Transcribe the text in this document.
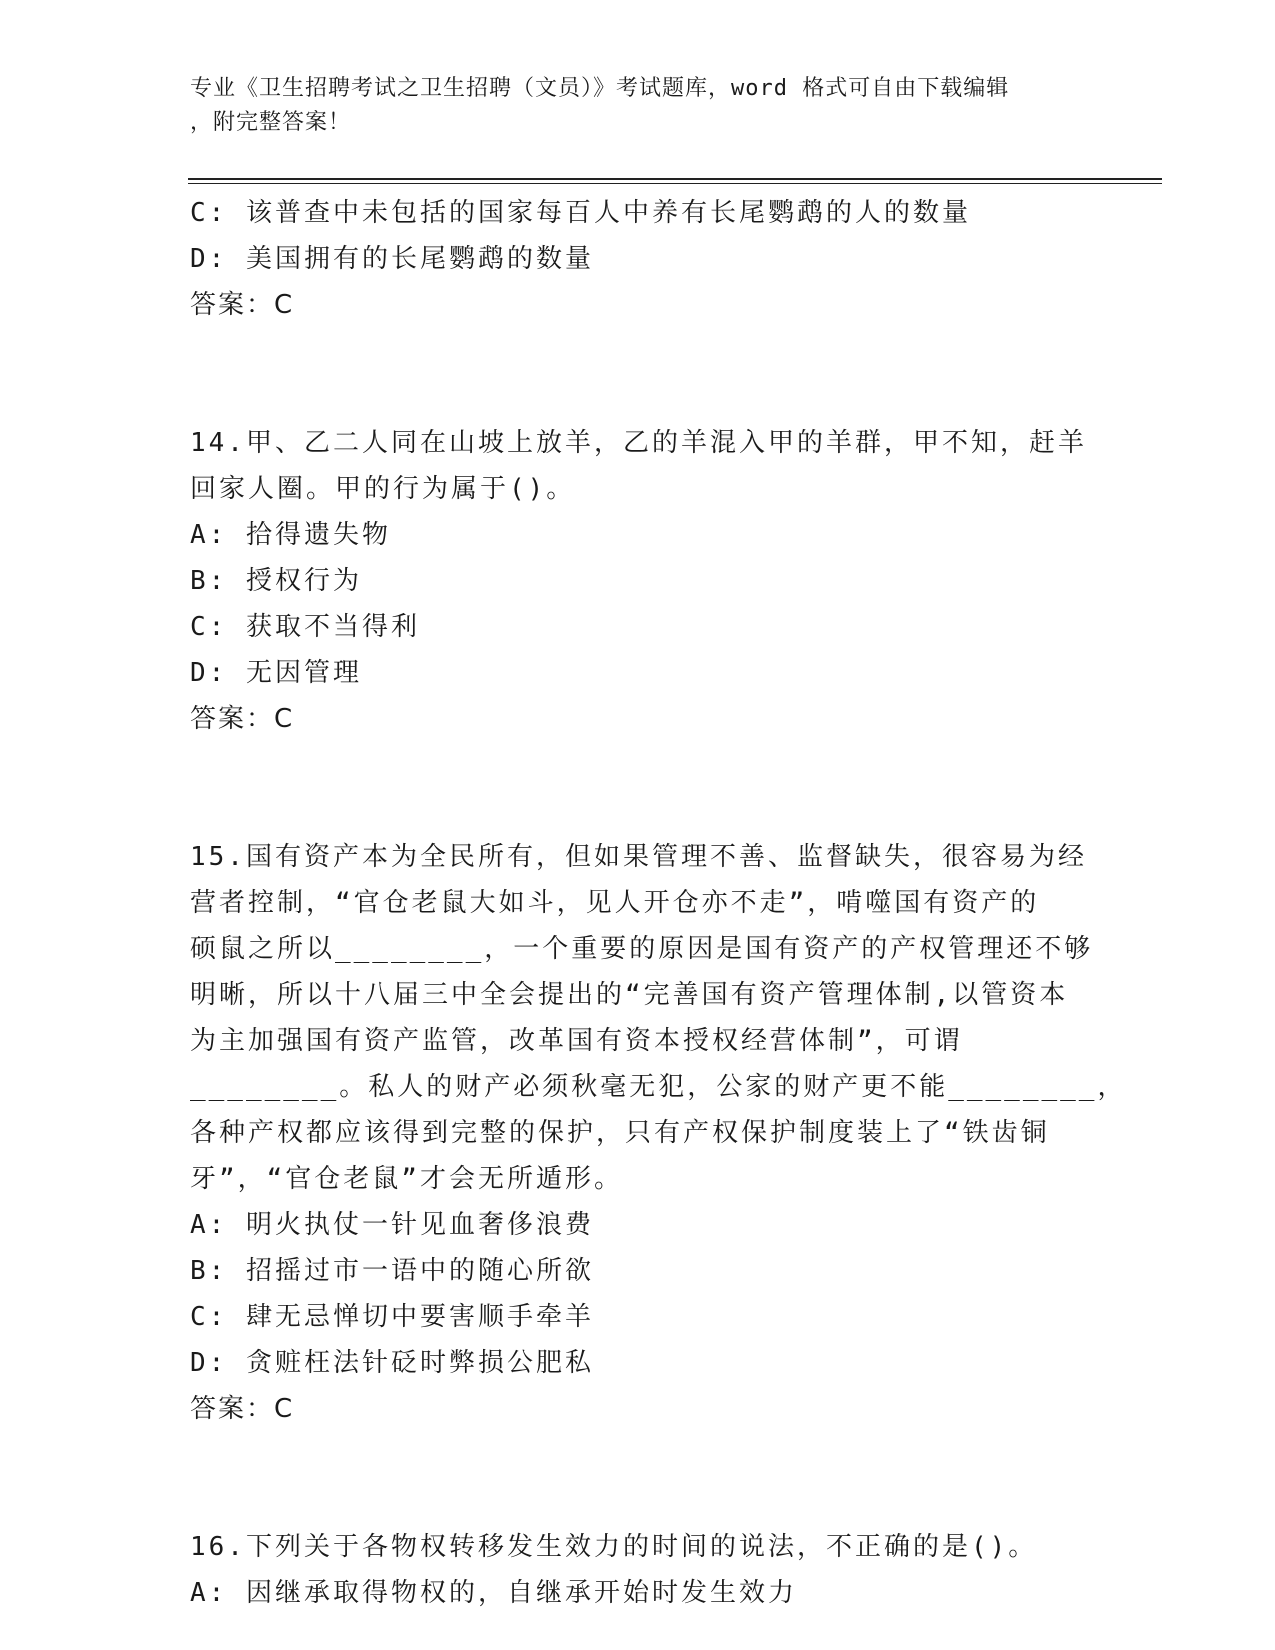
专业《卫生招聘考试之卫生招聘（文员）》考试题库，word 格式可自由下载编辑
，附完整答案！
C: 该普查中未包括的国家每百人中养有长尾鹦鹉的人的数量
D: 美国拥有的长尾鹦鹉的数量
答案：C
14.甲、乙二人同在山坡上放羊，乙的羊混入甲的羊群，甲不知，赶羊
回家人圈。甲的行为属于()。
A: 拾得遗失物
B: 授权行为
C: 获取不当得利
D: 无因管理
答案：C
15.国有资产本为全民所有，但如果管理不善、监督缺失，很容易为经
营者控制，“官仓老鼠大如斗，见人开仓亦不走”，啃噬国有资产的
硕鼠之所以________，一个重要的原因是国有资产的产权管理还不够
明晰，所以十八届三中全会提出的“完善国有资产管理体制,以管资本
为主加强国有资产监管，改革国有资本授权经营体制”，可谓
________。私人的财产必须秋毫无犯，公家的财产更不能________，
各种产权都应该得到完整的保护，只有产权保护制度装上了“铁齿铜
牙”，“官仓老鼠”才会无所遁形。
A: 明火执仗一针见血奢侈浪费
B: 招摇过市一语中的随心所欲
C: 肆无忌惮切中要害顺手牵羊
D: 贪赃枉法针砭时弊损公肥私
答案：C
16.下列关于各物权转移发生效力的时间的说法，不正确的是()。
A: 因继承取得物权的，自继承开始时发生效力
